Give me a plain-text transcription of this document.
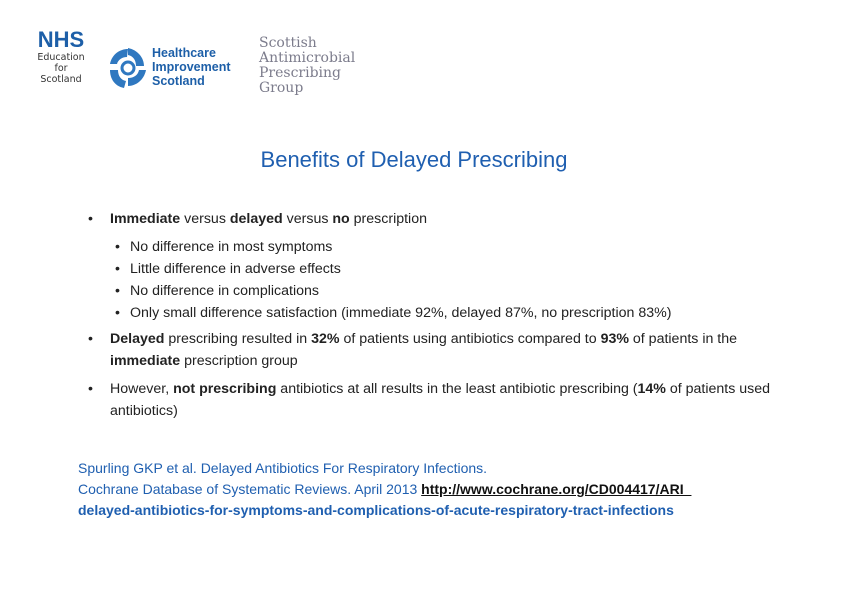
NHS
Education
for
Scotland
Healthcare
Improvement
Scotland
Scottish
Antimicrobial
Prescribing
Group
Benefits of Delayed Prescribing

• Immediate versus delayed versus no prescription

• No difference in most symptoms

• Little difference in adverse effects

• No difference in complications

• Only small difference satisfaction (immediate 92%, delayed 87%, no prescription 83%)

• Delayed prescribing resulted in 32% of patients using antibiotics compared to 93% of patients in the immediate prescription group

• However, not prescribing antibiotics at all results in the least antibiotic prescribing (14% of patients used antibiotics)

Spurling GKP et al. Delayed Antibiotics For Respiratory Infections.
Cochrane Database of Systematic Reviews. April 2013 http://www.cochrane.org/CD004417/ARI_
delayed-antibiotics-for-symptoms-and-complications-of-acute-respiratory-tract-infections
